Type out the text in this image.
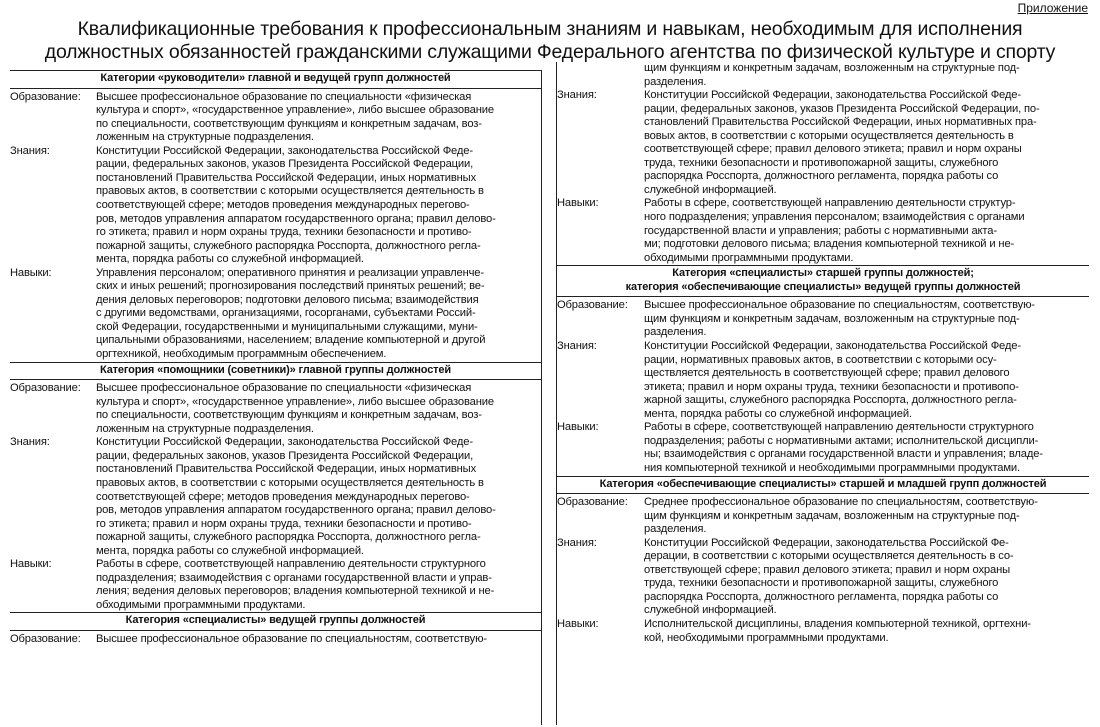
Приложение
Квалификационные требования к профессиональным знаниям и навыкам, необходимым для исполнения
должностных обязанностей гражданскими служащими Федерального агентства по физической культуре и спорту
Категории «руководители» главной и ведущей групп должностей
Образование:	Высшее профессиональное образование по специальности «физическая
культура и спорт», «государственное управление», либо высшее образование
по специальности, соответствующим функциям и конкретным задачам, воз-
ложенным на структурные подразделения.
Знания:	Конституции Российской Федерации, законодательства Российской Феде-
рации, федеральных законов, указов Президента Российской Федерации,
постановлений Правительства Российской Федерации, иных нормативных
правовых актов, в соответствии с которыми осуществляется деятельность в
соответствующей сфере; методов проведения международных перегово-
ров, методов управления аппаратом государственного органа; правил делово-
го этикета; правил и норм охраны труда, техники безопасности и противо-
пожарной защиты, служебного распорядка Росспорта, должностного регла-
мента, порядка работы со служебной информацией.
Навыки:	Управления персоналом; оперативного принятия и реализации управленче-
ских и иных решений; прогнозирования последствий принятых решений; ве-
дения деловых переговоров; подготовки делового письма; взаимодействия
с другими ведомствами, организациями, госорганами, субъектами Россий-
ской Федерации, государственными и муниципальными служащими, муни-
ципальными образованиями, населением; владение компьютерной и другой
оргтехникой, необходимым программным обеспечением.
Категория «помощники (советники)» главной группы должностей
Образование:	Высшее профессиональное образование по специальности «физическая
культура и спорт», «государственное управление», либо высшее образование
по специальности, соответствующим функциям и конкретным задачам, воз-
ложенным на структурные подразделения.
Знания:	Конституции Российской Федерации, законодательства Российской Феде-
рации, федеральных законов, указов Президента Российской Федерации,
постановлений Правительства Российской Федерации, иных нормативных
правовых актов, в соответствии с которыми осуществляется деятельность в
соответствующей сфере; методов проведения международных перегово-
ров, методов управления аппаратом государственного органа; правил делово-
го этикета; правил и норм охраны труда, техники безопасности и противо-
пожарной защиты, служебного распорядка Росспорта, должностного регла-
мента, порядка работы со служебной информацией.
Навыки:	Работы в сфере, соответствующей направлению деятельности структурного
подразделения; взаимодействия с органами государственной власти и управ-
ления; ведения деловых переговоров; владения компьютерной техникой и не-
обходимыми программными продуктами.
Категория «специалисты» ведущей группы должностей
Образование:	Высшее профессиональное образование по специальностям, соответствую-
щим функциям и конкретным задачам, возложенным на структурные под-
разделения.
Знания:	Конституции Российской Федерации, законодательства Российской Феде-
рации, федеральных законов, указов Президента Российской Федерации, по-
становлений Правительства Российской Федерации, иных нормативных пра-
вовых актов, в соответствии с которыми осуществляется деятельность в
соответствующей сфере; правил делового этикета; правил и норм охраны
труда, техники безопасности и противопожарной защиты, служебного
распорядка Росспорта, должностного регламента, порядка работы со
служебной информацией.
Навыки:	Работы в сфере, соответствующей направлению деятельности структур-
ного подразделения; управления персоналом; взаимодействия с органами
государственной власти и управления; работы с нормативными акта-
ми; подготовки делового письма; владения компьютерной техникой и не-
обходимыми программными продуктами.
Категория «специалисты» старшей группы должностей;
категория «обеспечивающие специалисты» ведущей группы должностей
Образование:	Высшее профессиональное образование по специальностям, соответствую-
щим функциям и конкретным задачам, возложенным на структурные под-
разделения.
Знания:	Конституции Российской Федерации, законодательства Российской Феде-
рации, нормативных правовых актов, в соответствии с которыми осу-
ществляется деятельность в соответствующей сфере; правил делового
этикета; правил и норм охраны труда, техники безопасности и противопо-
жарной защиты, служебного распорядка Росспорта, должностного регла-
мента, порядка работы со служебной информацией.
Навыки:	Работы в сфере, соответствующей направлению деятельности структурного
подразделения; работы с нормативными актами; исполнительской дисципли-
ны; взаимодействия с органами государственной власти и управления; владе-
ния компьютерной техникой и необходимыми программными продуктами.
Категория «обеспечивающие специалисты» старшей и младшей групп должностей
Образование:	Среднее профессиональное образование по специальностям, соответствую-
щим функциям и конкретным задачам, возложенным на структурные под-
разделения.
Знания:	Конституции Российской Федерации, законодательства Российской Фе-
дерации, в соответствии с которыми осуществляется деятельность в со-
ответствующей сфере; правил делового этикета; правил и норм охраны
труда, техники безопасности и противопожарной защиты, служебного
распорядка Росспорта, должностного регламента, порядка работы со
служебной информацией.
Навыки:	Исполнительской дисциплины, владения компьютерной техникой, оргтехни-
кой, необходимыми программными продуктами.
